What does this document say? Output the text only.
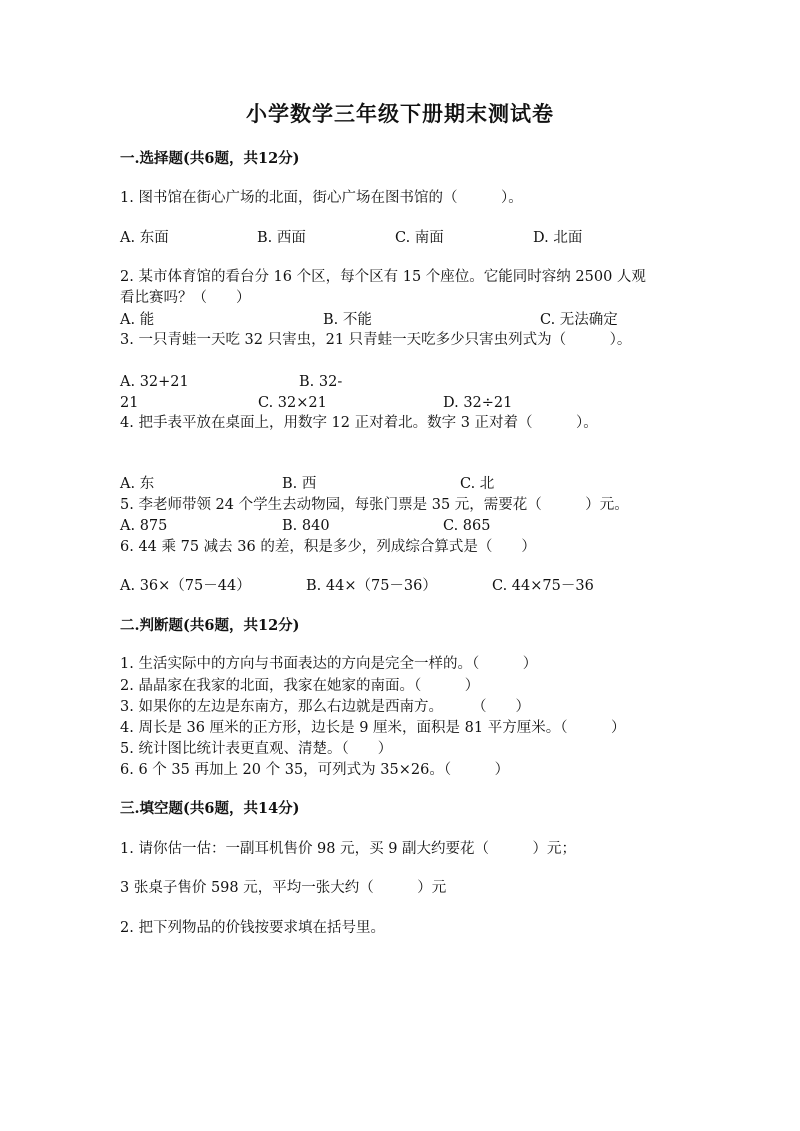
小学数学三年级下册期末测试卷
一.选择题(共6题，共12分)
1. 图书馆在街心广场的北面，街心广场在图书馆的（　　　）。
A. 东面	B. 西面	C. 南面	D. 北面
2. 某市体育馆的看台分 16 个区，每个区有 15 个座位。它能同时容纳 2500 人观
看比赛吗？（　　）
A. 能	B. 不能	C. 无法确定
3. 一只青蛙一天吃 32 只害虫，21 只青蛙一天吃多少只害虫列式为（　　　）。
A. 32+21	B. 32-
21	C. 32×21	D. 32÷21
4. 把手表平放在桌面上，用数字 12 正对着北。数字 3 正对着（　　　）。
A. 东	B. 西	C. 北
5. 李老师带领 24 个学生去动物园，每张门票是 35 元，需要花（　　　）元。
A. 875	B. 840	C. 865
6. 44 乘 75 减去 36 的差，积是多少，列成综合算式是（　　）
A. 36×（75－44）	B. 44×（75－36）	C. 44×75－36
二.判断题(共6题，共12分)
1. 生活实际中的方向与书面表达的方向是完全一样的。（　　　）
2. 晶晶家在我家的北面，我家在她家的南面。（　　　）
3. 如果你的左边是东南方，那么右边就是西南方。　　　（　　）
4. 周长是 36 厘米的正方形，边长是 9 厘米，面积是 81 平方厘米。（　　　）
5. 统计图比统计表更直观、清楚。（　　）
6. 6 个 35 再加上 20 个 35，可列式为 35×26。（　　　）
三.填空题(共6题，共14分)
1. 请你估一估：一副耳机售价 98 元，买 9 副大约要花（　　　）元；
3 张桌子售价 598 元，平均一张大约（　　　）元
2. 把下列物品的价钱按要求填在括号里。
